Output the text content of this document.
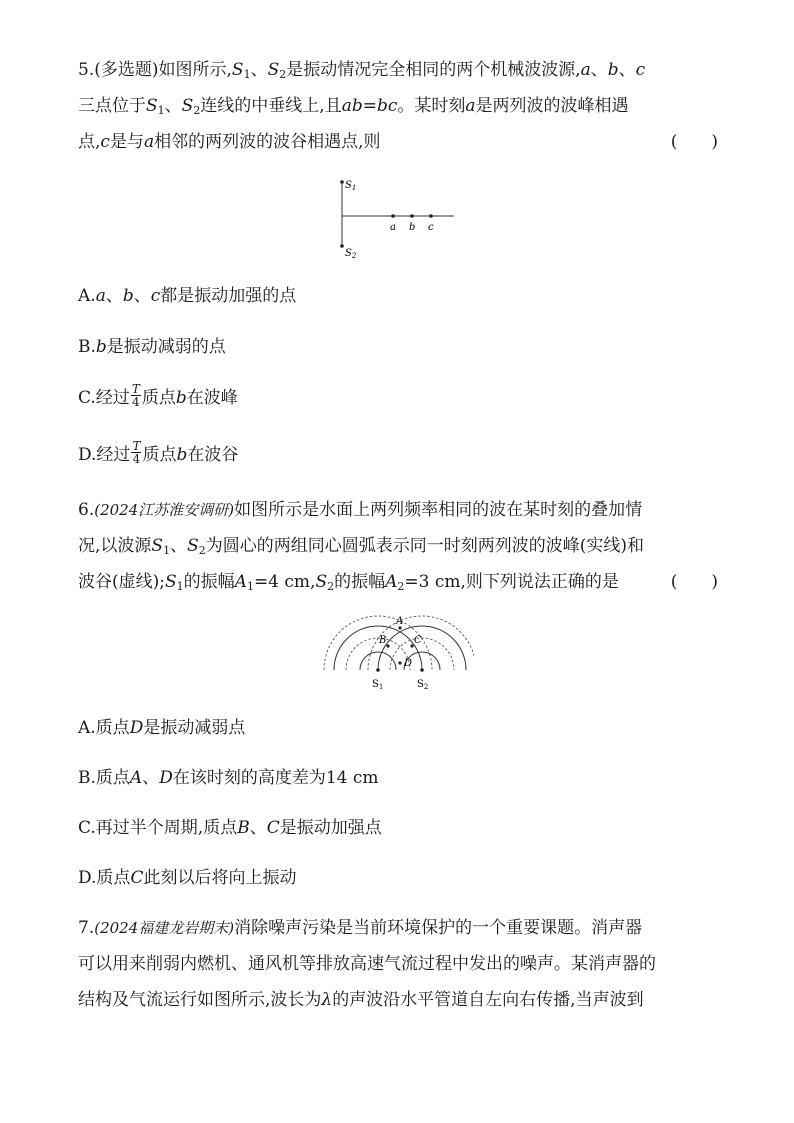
5.(多选题)如图所示$,S_1$、$S_2$是振动情况完全相同的两个机械波波源,a、b、c
三点位于$S_1$、$S_2$连线的中垂线上,且ab=bc。某时刻a是两列波的波峰相遇
点,c是与a相邻的两列波的波谷相遇点,则	(　　)
$S_1$
$S_2$
a b c
A.a、b、c都是振动加强的点
B.b是振动减弱的点
C.经过 $\frac{T}{4}$ 质点b在波峰
D.经过 $\frac{T}{4}$ 质点b在波谷
6.(2024江苏淮安调研)如图所示是水面上两列频率相同的波在某时刻的叠加情
况,以波源$S_1$、$S_2$为圆心的两组同心圆弧表示同一时刻两列波的波峰(实线)和
波谷(虚线)$;S_1$的振幅$A_1=4$ $cm,S_2$的振幅$A_2=3$ cm,则下列说法正确的是	(　　)
A
B	C
D
$S_1$	$S_2$
A.质点D是振动减弱点
B.质点A、D在该时刻的高度差为14 cm
C.再过半个周期,质点B、C是振动加强点
D.质点C此刻以后将向上振动
7.(2024福建龙岩期末)消除噪声污染是当前环境保护的一个重要课题。消声器
可以用来削弱内燃机、通风机等排放高速气流过程中发出的噪声。某消声器的
结构及气流运行如图所示,波长为λ的声波沿水平管道自左向右传播,当声波到
